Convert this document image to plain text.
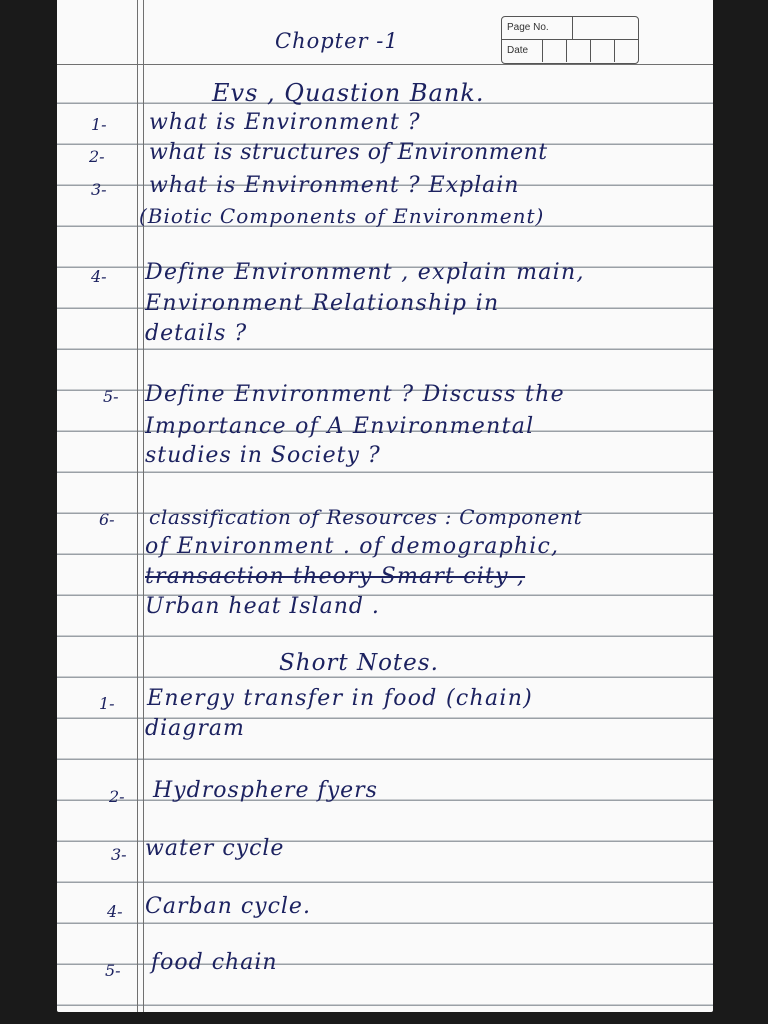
Page No.
Date
Chopter -1
Evs , Quastion Bank.
1- what is Environment ?
2- what is structures of Environment
3- what is Environment ? Explain
(Biotic Components of Environment)
4- Define Environment , explain main,
Environment Relationship in
details ?
5- Define Environment ? Discuss the
Importance of A Environmental
studies in Society ?
6- classification of Resources : Component
of Environment . of demographic,
transaction theory Smart city ,
Urban heat Island .
Short Notes.
1- Energy transfer in food (chain)
diagram
2- Hydrosphere fyers
3- water cycle
4- Carban cycle.
5- food chain
